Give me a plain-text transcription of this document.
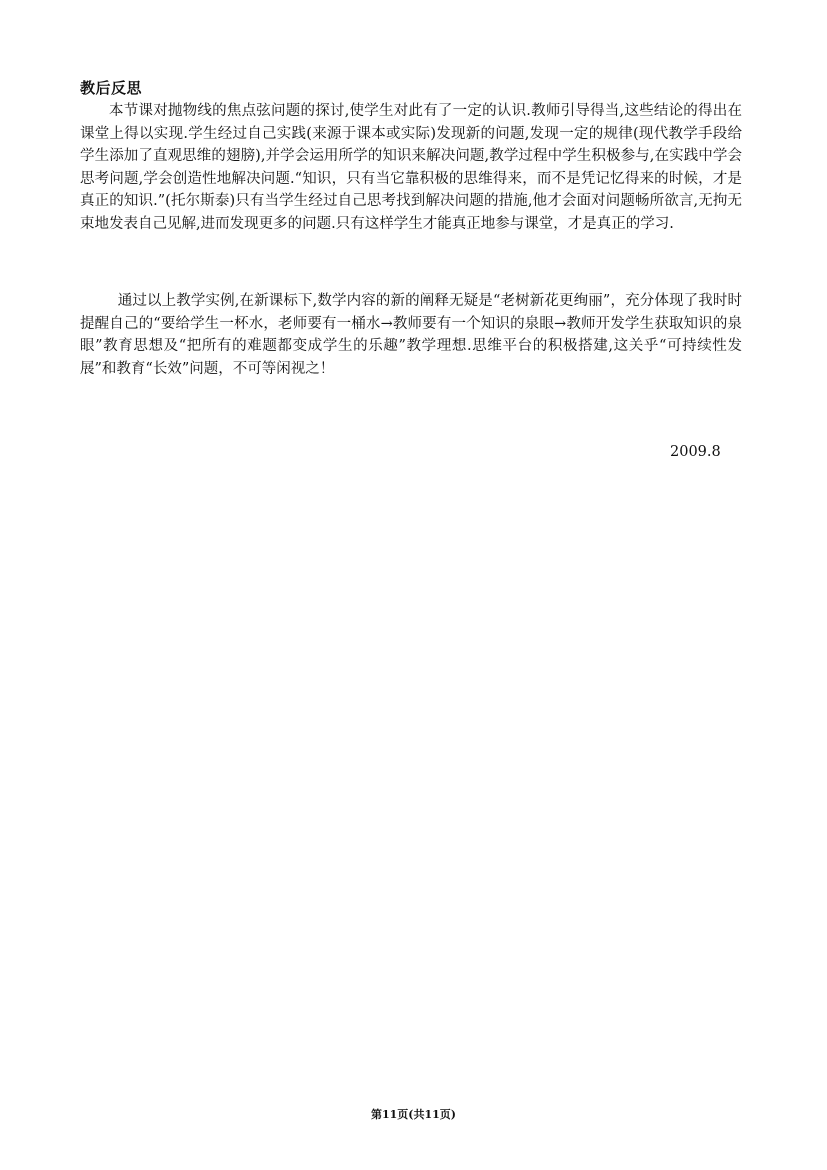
教后反思

本节课对抛物线的焦点弦问题的探讨,使学生对此有了一定的认识.教师引导得当,这些结论的得出在课堂上得以实现.学生经过自己实践(来源于课本或实际)发现新的问题,发现一定的规律(现代教学手段给学生添加了直观思维的翅膀),并学会运用所学的知识来解决问题,教学过程中学生积极参与,在实践中学会思考问题,学会创造性地解决问题.“知识，只有当它靠积极的思维得来，而不是凭记忆得来的时候，才是真正的知识.”(托尔斯泰)只有当学生经过自己思考找到解决问题的措施,他才会面对问题畅所欲言,无拘无束地发表自己见解,进而发现更多的问题.只有这样学生才能真正地参与课堂，才是真正的学习.

通过以上教学实例,在新课标下,数学内容的新的阐释无疑是“老树新花更绚丽”，充分体现了我时时提醒自己的“要给学生一杯水，老师要有一桶水→教师要有一个知识的泉眼→教师开发学生获取知识的泉眼”教育思想及“把所有的难题都变成学生的乐趣”教学理想.思维平台的积极搭建,这关乎“可持续性发展”和教育“长效”问题，不可等闲视之！

2009.8
第11页(共11页)
